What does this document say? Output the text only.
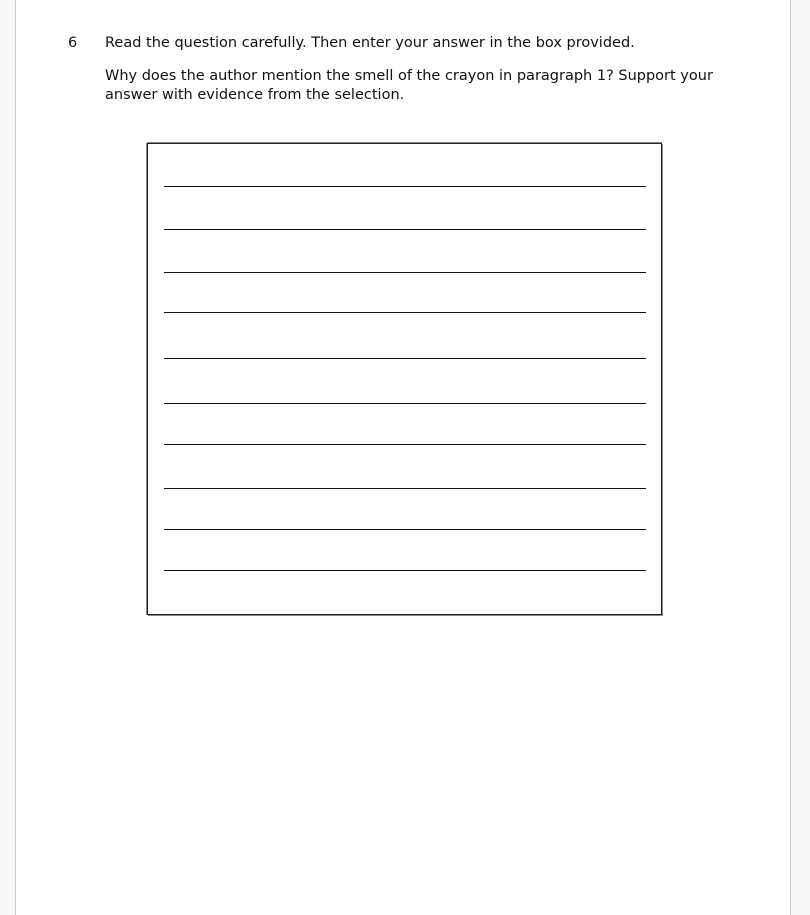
6 Read the question carefully. Then enter your answer in the box provided.
Why does the author mention the smell of the crayon in paragraph 1? Support your answer with evidence from the selection.
